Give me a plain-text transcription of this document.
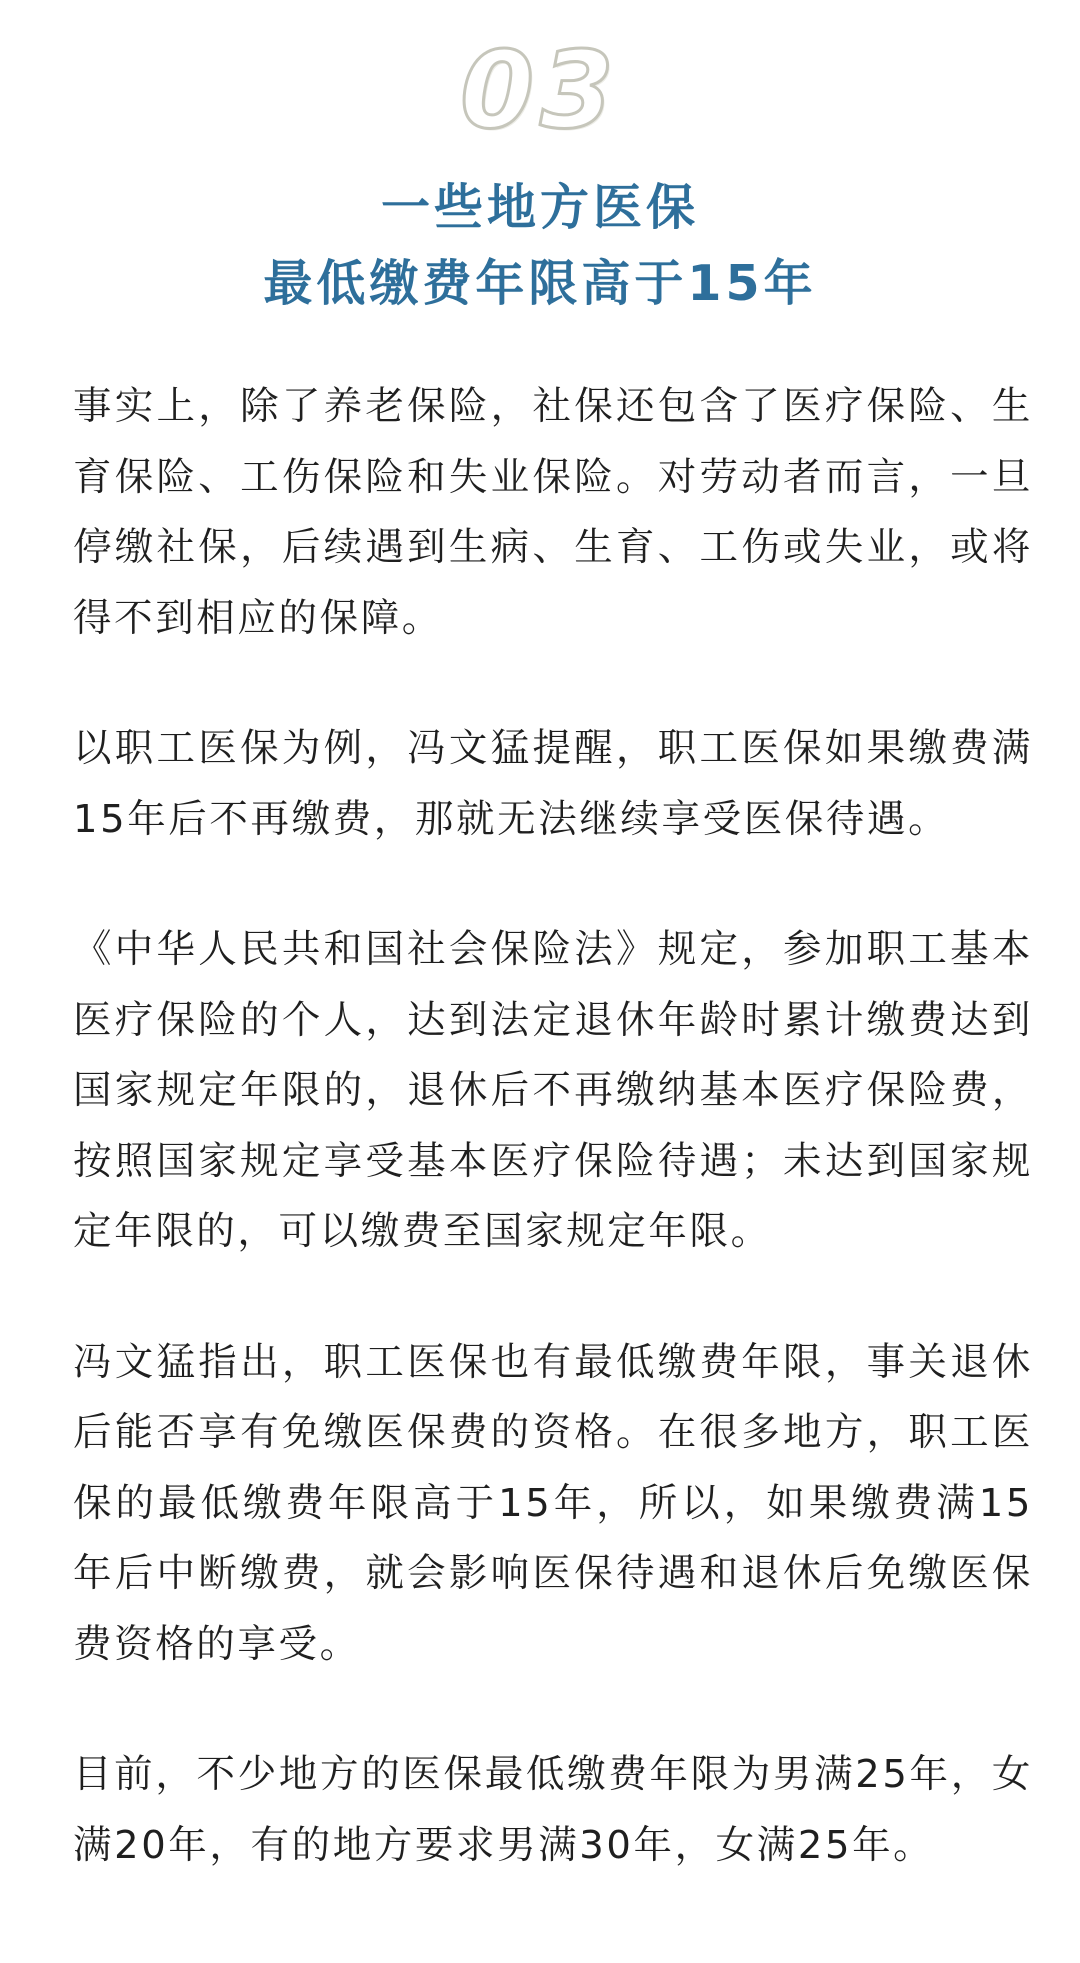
03
一些地方医保
最低缴费年限高于15年

事实上，除了养老保险，社保还包含了医疗保险、生育保险、工伤保险和失业保险。对劳动者而言，一旦停缴社保，后续遇到生病、生育、工伤或失业，或将得不到相应的保障。

以职工医保为例，冯文猛提醒，职工医保如果缴费满15年后不再缴费，那就无法继续享受医保待遇。

《中华人民共和国社会保险法》规定，参加职工基本医疗保险的个人，达到法定退休年龄时累计缴费达到国家规定年限的，退休后不再缴纳基本医疗保险费，按照国家规定享受基本医疗保险待遇；未达到国家规定年限的，可以缴费至国家规定年限。

冯文猛指出，职工医保也有最低缴费年限，事关退休后能否享有免缴医保费的资格。在很多地方，职工医保的最低缴费年限高于15年，所以，如果缴费满15年后中断缴费，就会影响医保待遇和退休后免缴医保费资格的享受。

目前，不少地方的医保最低缴费年限为男满25年，女满20年，有的地方要求男满30年，女满25年。
